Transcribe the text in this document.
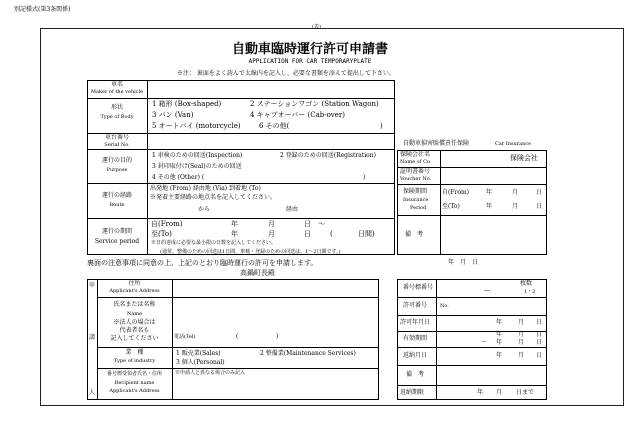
別記様式(第3条関係)
(表)
自動車臨時運行許可申請書
APPLICATION FOR CAR TEMPORARYPLATE
※注： 裏面をよく読んで太線内を記入し、必要な書類を添えて提出して下さい。
車名
Maker of the vehicle
形状
Type of Body
1 箱形 (Box-shaped)	2 ステーションワゴン (Station Wagon)
3 バン (Van)	4 キャブオーバー (Cab-over)
5 オートバイ (motorcycle)	6 その他(	)
車台番号
Serial No.
運行の目的
Purpose
1 車検のための回送(Inspection)	2 登録のための回送(Registration)
3 封印取付け(Seal)のための回送
4 その他 (Other) (	)
運行の経路
Route
出発地 (From) 経由地 (Via) 到着地 (To)
※発着主要経路の地点名を記入してください。
から	経由
運行の期間
Service period
自(From)	年	月	日 ～
至(To)	年	月	日	(	日間)
※日的達成に必要な最小限の日数を記入してください。
(通常、整備のための回送は1日間、車検・登録のための回送は、1～2日間です。)
自動車損害賠償責任保険	Car Insurance
保険会社名
Name of Co.	保険会社
証明書番号
Voucher No.
保険期間
Insurance
Period
自(From)	年	月	日
至(To)	年	月	日
備　考
裏面の注意事項に同意の上、上記のとおり臨時運行の許可を申請します。	年　月　日
高鍋町長殿
申
請
人
住所
Applicant's Address
氏名または名称
Name
※法人の場合は
代表者名も
記入してください	電話(Tel)	(	)
業　種
Type of industry
1 販売業(Sales)	2 整備業(Maintenance Services)
3 個人(Personal)
番号標受領者氏名・住所
Recipient name
Applicant's Address
※申請人と異なる場合のみ記入
番号標番号	―
枚数
1・2
許可番号	No.
許可年月日	年	月 日
有効期間
年	月 日
～ 年	月 日
返納月日	年	月 日
備　考
返納期限	年 月 日まで
